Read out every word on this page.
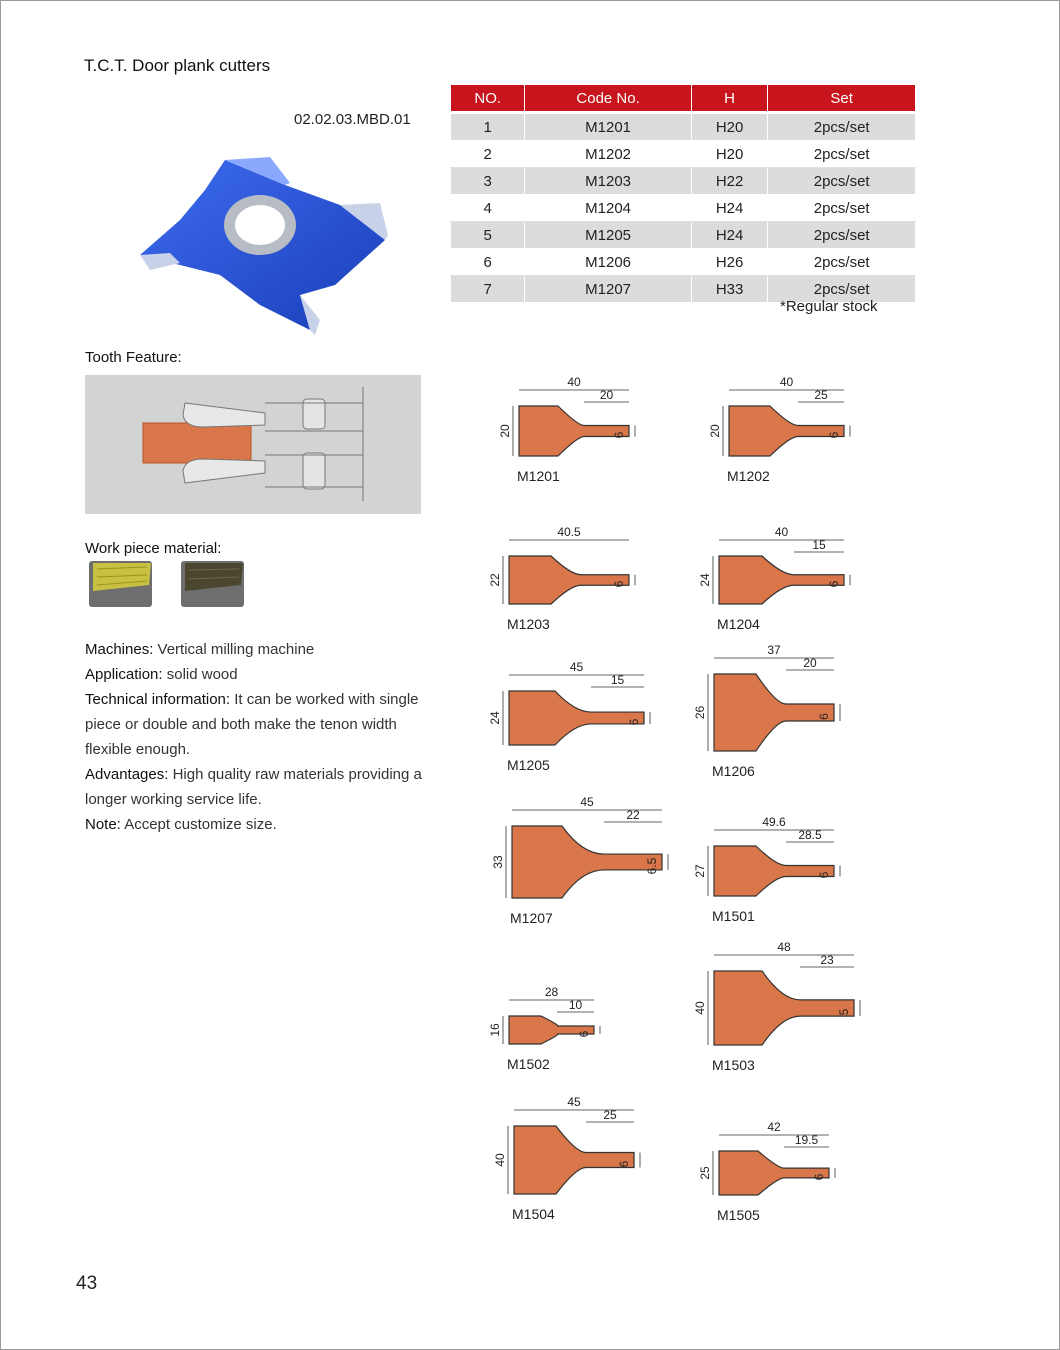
T.C.T. Door plank cutters
02.02.03.MBD.01
NO.	Code No.	H	Set

1	M1201	H20	2pcs/set
2	M1202	H20	2pcs/set
3	M1203	H22	2pcs/set
4	M1204	H24	2pcs/set
5	M1205	H24	2pcs/set
6	M1206	H26	2pcs/set
7	M1207	H33	2pcs/set
*Regular stock
Tooth Feature:
Work piece material:
Machines: Vertical milling machine
Application: solid wood
Technical information: It can be worked with single piece or double and both make the tenon width flexible enough.
Advantages: High quality raw materials providing a longer working service life.
Note: Accept customize size.
40
20
20	6
M1201
40
25
20	6
M1202
40.5
22	6
M1203
40
15
24	6
M1204
45
15
24	6
M1205
37
20
26	6
M1206
45
22
33	6.5
M1207
49.6
28.5
27	6
M1501
28
10
16	6
M1502
48
23
40	5
M1503
45
25
40	6
M1504
42
19.5
25	6
M1505
43
